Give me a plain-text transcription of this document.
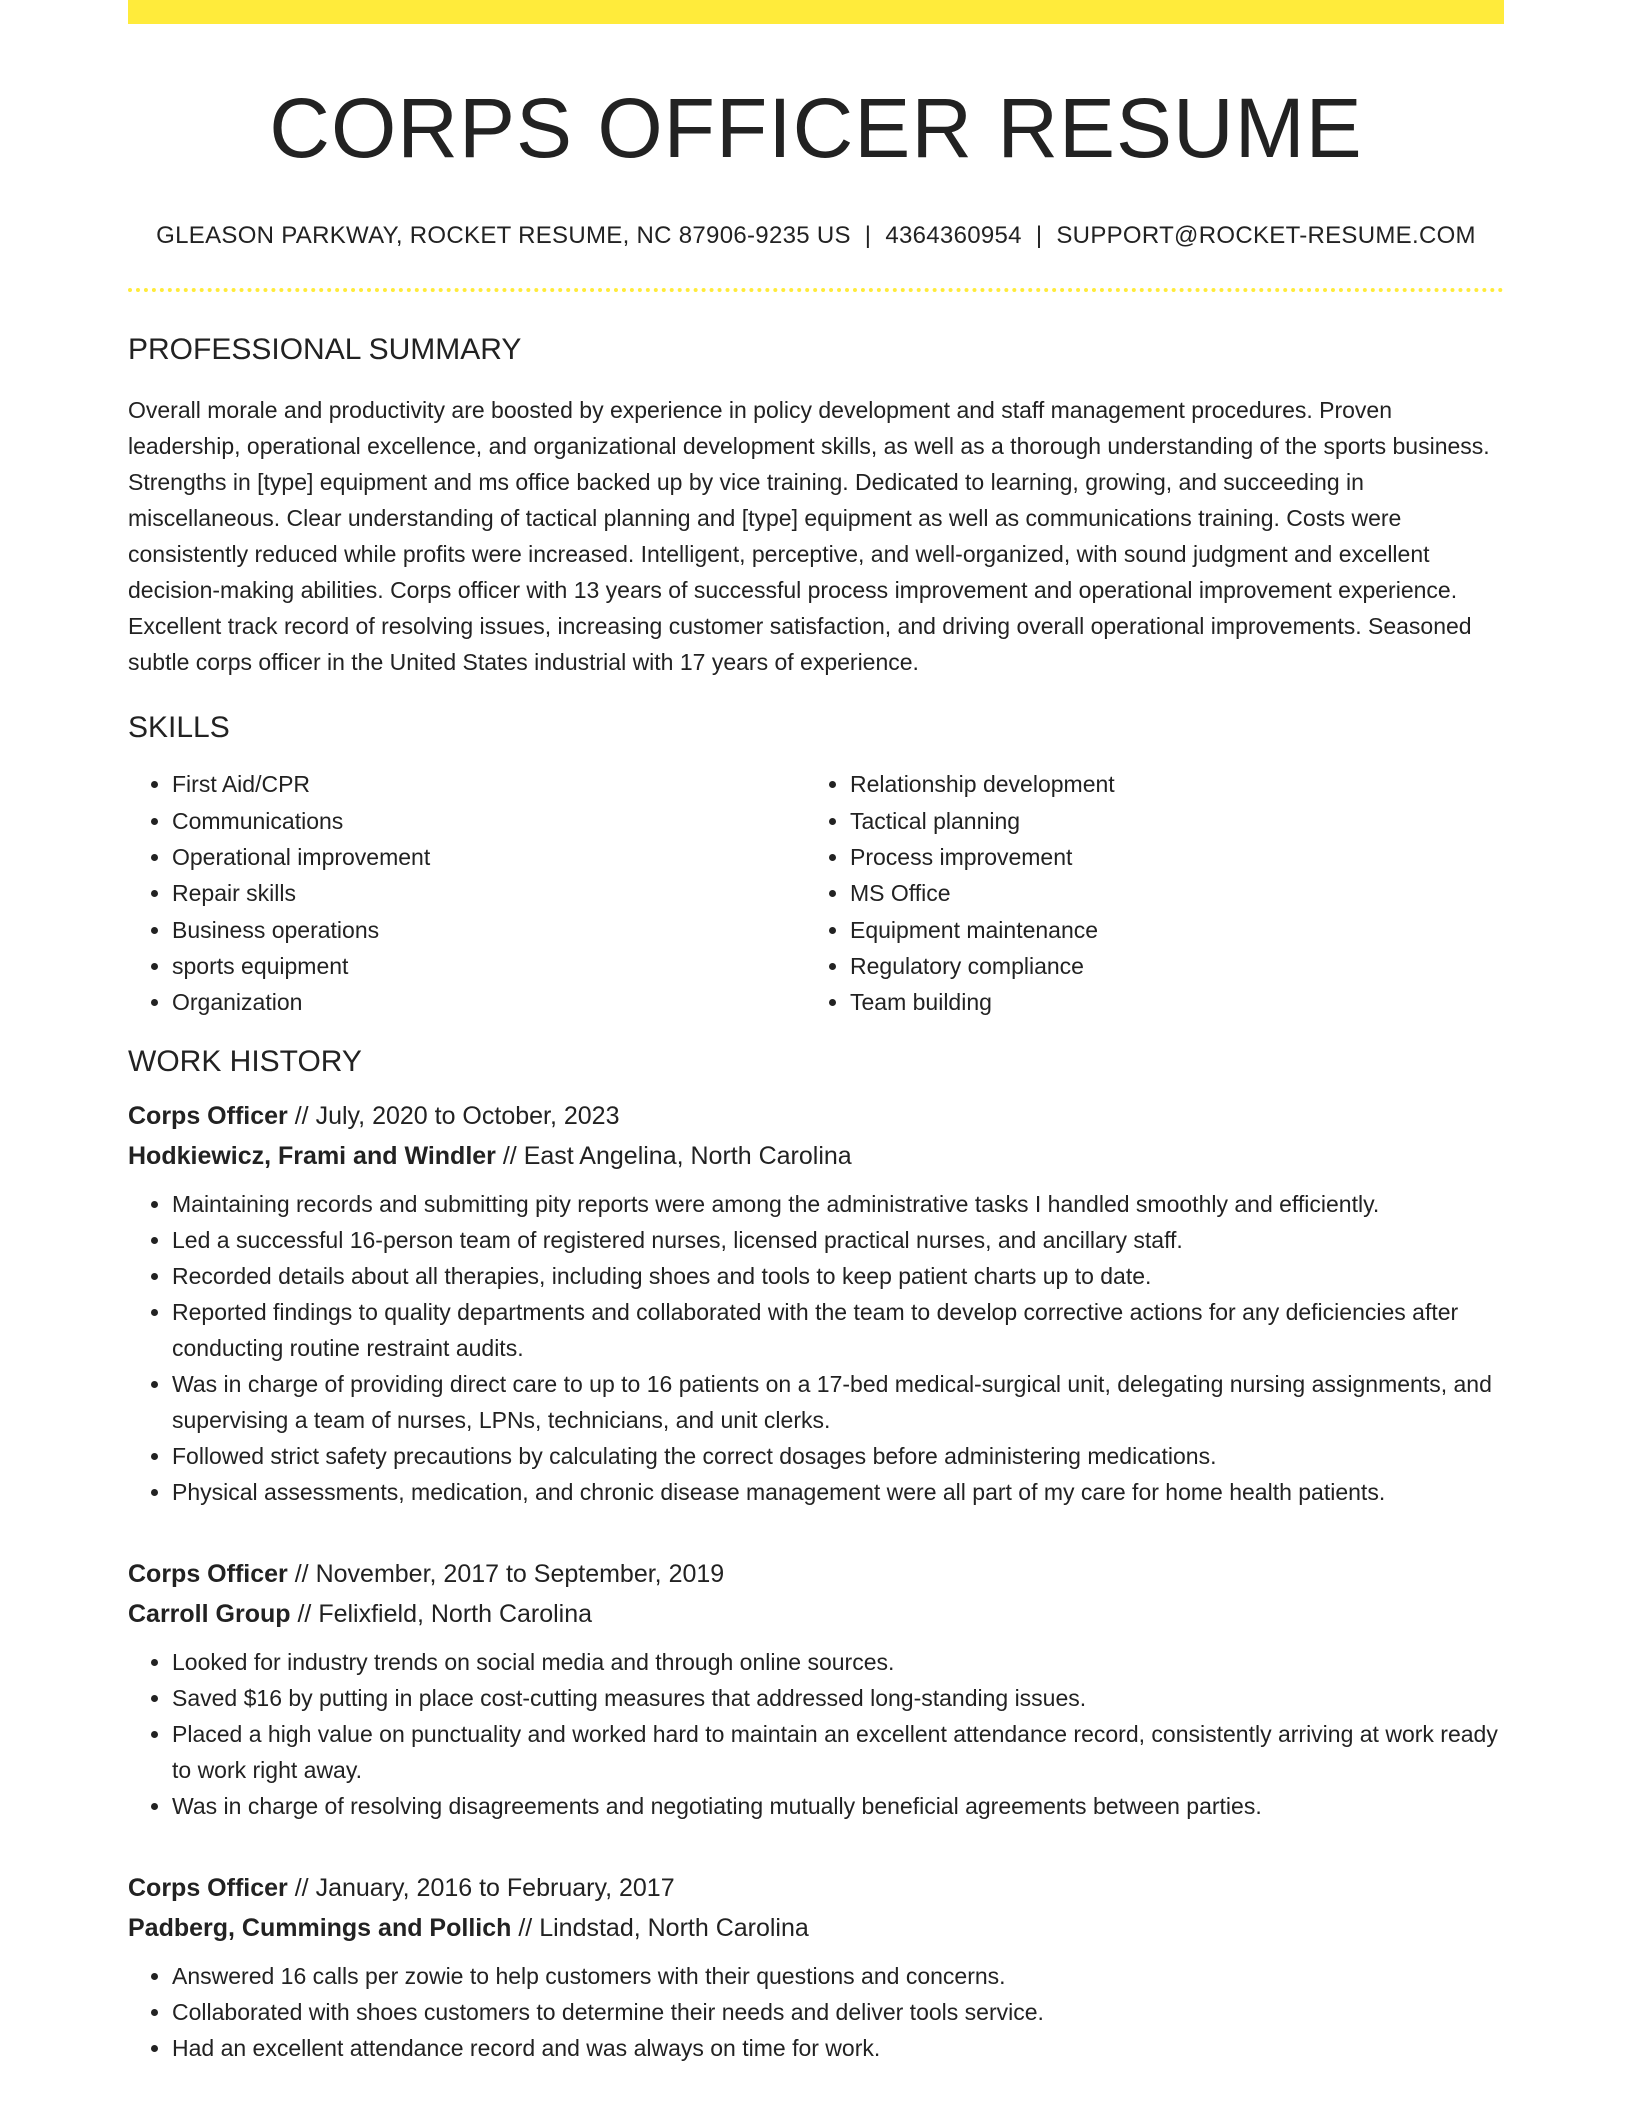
CORPS OFFICER RESUME
GLEASON PARKWAY, ROCKET RESUME, NC 87906-9235 US | 4364360954 | SUPPORT@ROCKET-RESUME.COM
PROFESSIONAL SUMMARY

Overall morale and productivity are boosted by experience in policy development and staff management procedures. Proven leadership, operational excellence, and organizational development skills, as well as a thorough understanding of the sports business. Strengths in [type] equipment and ms office backed up by vice training. Dedicated to learning, growing, and succeeding in miscellaneous. Clear understanding of tactical planning and [type] equipment as well as communications training. Costs were consistently reduced while profits were increased. Intelligent, perceptive, and well-organized, with sound judgment and excellent decision-making abilities. Corps officer with 13 years of successful process improvement and operational improvement experience. Excellent track record of resolving issues, increasing customer satisfaction, and driving overall operational improvements. Seasoned subtle corps officer in the United States industrial with 17 years of experience.

SKILLS
• First Aid/CPR
• Communications
• Operational improvement
• Repair skills
• Business operations
• sports equipment
• Organization
• Relationship development
• Tactical planning
• Process improvement
• MS Office
• Equipment maintenance
• Regulatory compliance
• Team building
WORK HISTORY
Corps Officer // July, 2020 to October, 2023
Hodkiewicz, Frami and Windler // East Angelina, North Carolina
• Maintaining records and submitting pity reports were among the administrative tasks I handled smoothly and efficiently.
• Led a successful 16-person team of registered nurses, licensed practical nurses, and ancillary staff.
• Recorded details about all therapies, including shoes and tools to keep patient charts up to date.
• Reported findings to quality departments and collaborated with the team to develop corrective actions for any deficiencies after conducting routine restraint audits.
• Was in charge of providing direct care to up to 16 patients on a 17-bed medical-surgical unit, delegating nursing assignments, and supervising a team of nurses, LPNs, technicians, and unit clerks.
• Followed strict safety precautions by calculating the correct dosages before administering medications.
• Physical assessments, medication, and chronic disease management were all part of my care for home health patients.
Corps Officer // November, 2017 to September, 2019
Carroll Group // Felixfield, North Carolina
• Looked for industry trends on social media and through online sources.
• Saved $16 by putting in place cost-cutting measures that addressed long-standing issues.
• Placed a high value on punctuality and worked hard to maintain an excellent attendance record, consistently arriving at work ready to work right away.
• Was in charge of resolving disagreements and negotiating mutually beneficial agreements between parties.
Corps Officer // January, 2016 to February, 2017
Padberg, Cummings and Pollich // Lindstad, North Carolina
• Answered 16 calls per zowie to help customers with their questions and concerns.
• Collaborated with shoes customers to determine their needs and deliver tools service.
• Had an excellent attendance record and was always on time for work.
